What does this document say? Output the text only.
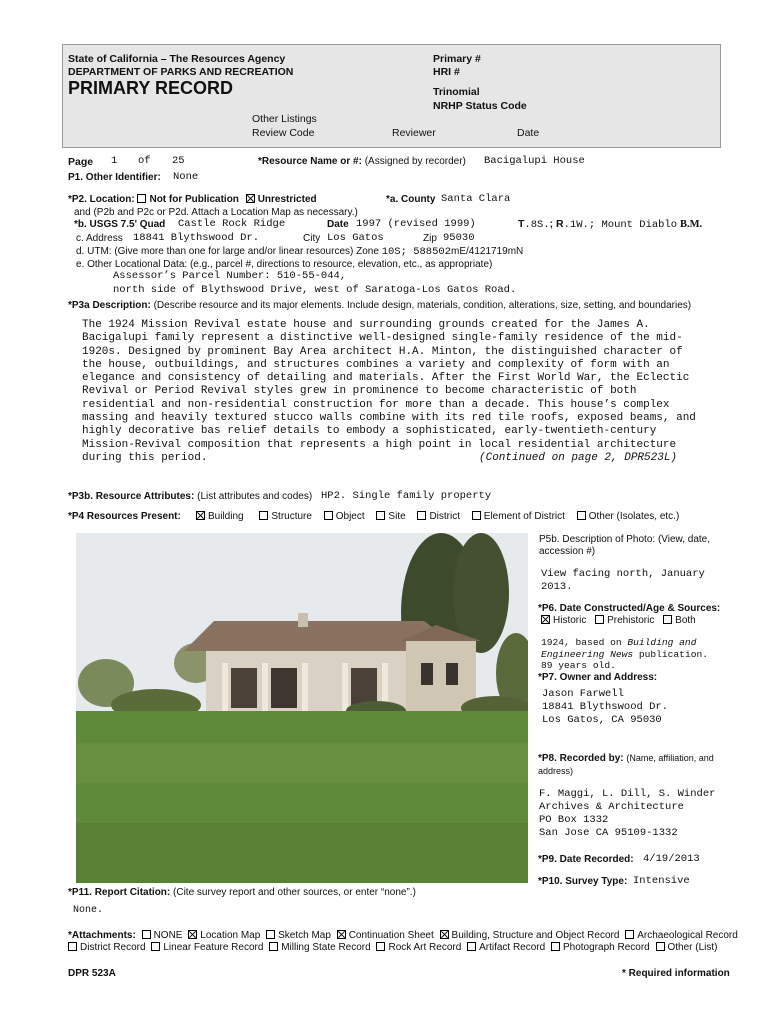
State of California – The Resources Agency
DEPARTMENT OF PARKS AND RECREATION
PRIMARY RECORD
Primary #
HRI #
Trinomial
NRHP Status Code
Other Listings
Review Code	Reviewer	Date
Page 1 of 25	*Resource Name or #: (Assigned by recorder) Bacigalupi House
P1. Other Identifier: None
*P2. Location: Not for Publication Unrestricted	*a. County Santa Clara
and (P2b and P2c or P2d. Attach a Location Map as necessary.)
*b. USGS 7.5' Quad Castle Rock Ridge	Date 1997 (revised 1999)	T.8S.; R.1W.; Mount Diablo B.M.
c. Address 18841 Blythswood Dr.	City Los Gatos	Zip 95030
d. UTM: (Give more than one for large and/or linear resources) Zone 10S; 588502mE/4121719mN
e. Other Locational Data: (e.g., parcel #, directions to resource, elevation, etc., as appropriate)
Assessor’s Parcel Number: 510-55-044,
north side of Blythswood Drive, west of Saratoga-Los Gatos Road.
*P3a Description: (Describe resource and its major elements. Include design, materials, condition, alterations, size, setting, and boundaries)
The 1924 Mission Revival estate house and surrounding grounds created for the James A.
Bacigalupi family represent a distinctive well-designed single-family residence of the mid-
1920s. Designed by prominent Bay Area architect H.A. Minton, the distinguished character of
the house, outbuildings, and structures combines a variety and complexity of form with an
elegance and consistency of detailing and materials. After the First World War, the Eclectic
Revival or Period Revival styles grew in prominence to become characteristic of both
residential and non-residential construction for more than a decade. This house’s complex
massing and heavily textured stucco walls combine with its red tile roofs, exposed beams, and
highly decorative bas relief details to embody a sophisticated, early-twentieth-century
Mission-Revival composition that represents a high point in local residential architecture
during this period.	(Continued on page 2, DPR523L)
*P3b. Resource Attributes: (List attributes and codes) HP2. Single family property
*P4 Resources Present:	Building	Structure Object Site District Element of District Other (Isolates, etc.)
P5b. Description of Photo: (View, date, accession #)
View facing north, January
2013.
*P6. Date Constructed/Age & Sources:
Historic Prehistoric Both
1924, based on Building and
Engineering News publication.
89 years old.
*P7. Owner and Address:
Jason Farwell
18841 Blythswood Dr.
Los Gatos, CA 95030
*P8. Recorded by: (Name, affiliation, and address)
F. Maggi, L. Dill, S. Winder
Archives & Architecture
PO Box 1332
San Jose CA 95109-1332
*P9. Date Recorded: 4/19/2013
*P10. Survey Type: Intensive
*P11. Report Citation: (Cite survey report and other sources, or enter “none”.)
None.
*Attachments: NONE Location Map Sketch Map Continuation Sheet Building, Structure and Object Record Archaeological Record
District Record Linear Feature Record Milling State Record Rock Art Record Artifact Record Photograph Record Other (List)
DPR 523A	* Required information
